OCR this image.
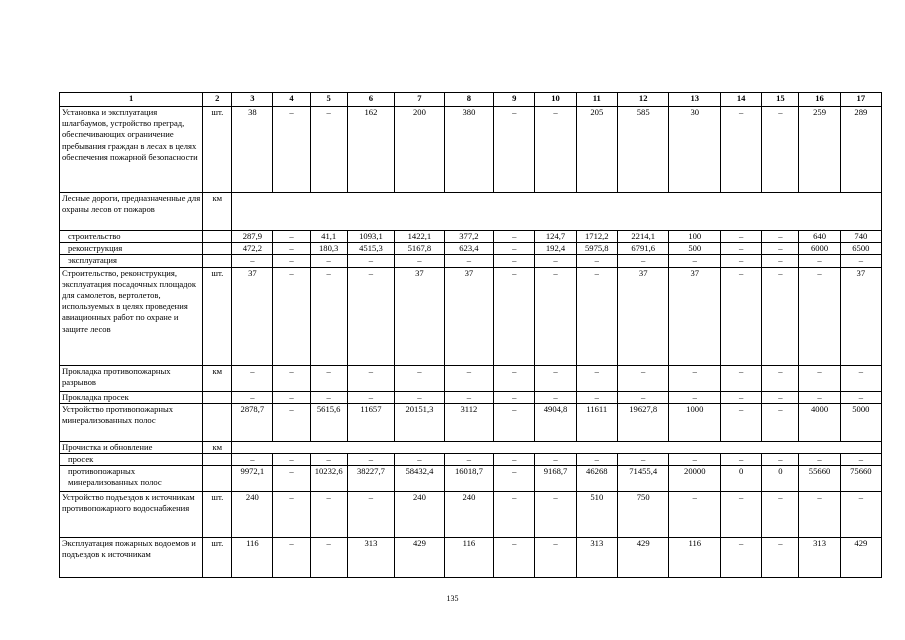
1	2	3	4	5	6	7	8	9	10	11	12	13	14	15	16	17
Установка и эксплуатация шлагбаумов, устройство преград, обеспечивающих ограничение пребывания граждан в лесах в целях обеспечения пожарной безопасности	шт.	38	–	–	162	200	380	–	–	205	585	30	–	–	259	289
Лесные дороги, предназначенные для охраны лесов от пожаров	км															
строительство		287,9	–	41,1	1093,1	1422,1	377,2	–	124,7	1712,2	2214,1	100	–	–	640	740
реконструкция		472,2	–	180,3	4515,3	5167,8	623,4	–	192,4	5975,8	6791,6	500	–	–	6000	6500
эксплуатация		–	–	–	–	–	–	–	–	–	–	–	–	–	–	–
Строительство, реконструкция, эксплуатация посадочных площадок для самолетов, вертолетов, используемых в целях проведения авиационных работ по охране и защите лесов	шт.	37	–	–	–	37	37	–	–	–	37	37	–	–	–	37
Прокладка противопожарных разрывов	км	–	–	–	–	–	–	–	–	–	–	–	–	–	–	–
Прокладка просек		–	–	–	–	–	–	–	–	–	–	–	–	–	–	–
Устройство противопожарных минерализованных полос		2878,7	–	5615,6	11657	20151,3	3112	–	4904,8	11611	19627,8	1000	–	–	4000	5000
Прочистка и обновление	км															
просек		–	–	–	–	–	–	–	–	–	–	–	–	–	–	–
противопожарных минерализованных полос		9972,1	–	10232,6	38227,7	58432,4	16018,7	–	9168,7	46268	71455,4	20000	0	0	55660	75660
Устройство подъездов к источникам противопожарного водоснабжения	шт.	240	–	–	–	240	240	–	–	510	750	–	–	–	–	–
Эксплуатация пожарных водоемов и подъездов к источникам	шт.	116	–	–	313	429	116	–	–	313	429	116	–	–	313	429
135
